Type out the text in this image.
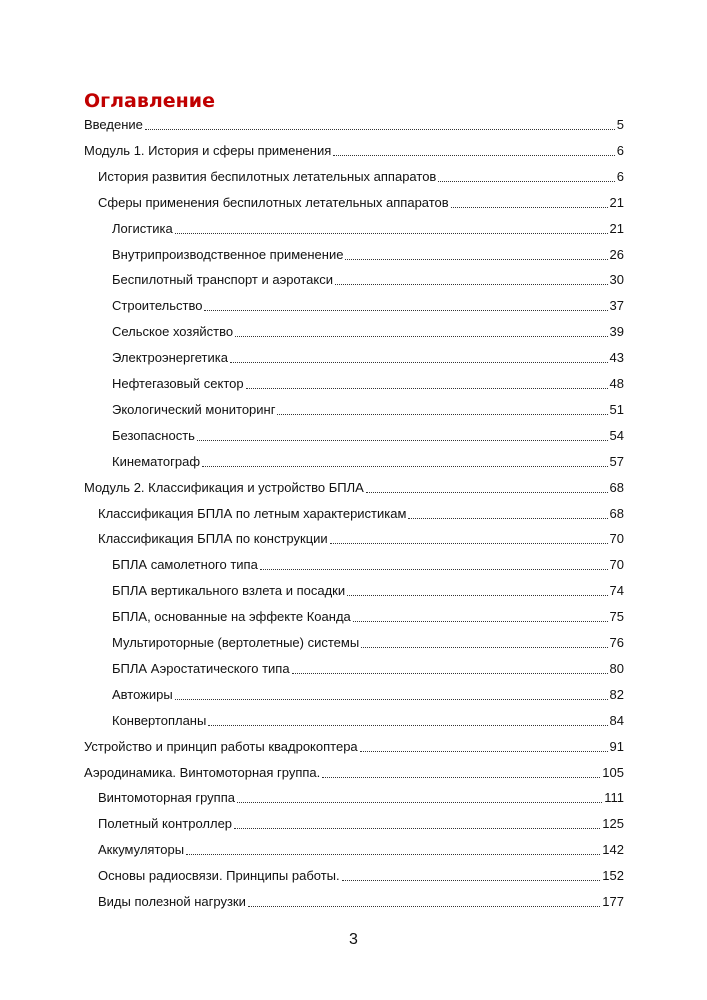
Оглавление
Введение	5
Модуль 1. История и сферы применения	6
История развития беспилотных летательных аппаратов	6
Сферы применения беспилотных летательных аппаратов	21
Логистика	21
Внутрипроизводственное применение	26
Беспилотный транспорт и аэротакси	30
Строительство	37
Сельское хозяйство	39
Электроэнергетика	43
Нефтегазовый сектор	48
Экологический мониторинг	51
Безопасность	54
Кинематограф	57
Модуль 2. Классификация и устройство БПЛА	68
Классификация БПЛА по летным характеристикам	68
Классификация БПЛА по конструкции	70
БПЛА самолетного типа	70
БПЛА вертикального взлета и посадки	74
БПЛА, основанные на эффекте Коанда	75
Мультироторные (вертолетные) системы	76
БПЛА Аэростатического типа	80
Автожиры	82
Конвертопланы	84
Устройство и принцип работы квадрокоптера	91
Аэродинамика. Винтомоторная группа.	105
Винтомоторная группа	111
Полетный контроллер	125
Аккумуляторы	142
Основы радиосвязи. Принципы работы.	152
Виды полезной нагрузки	177
3
